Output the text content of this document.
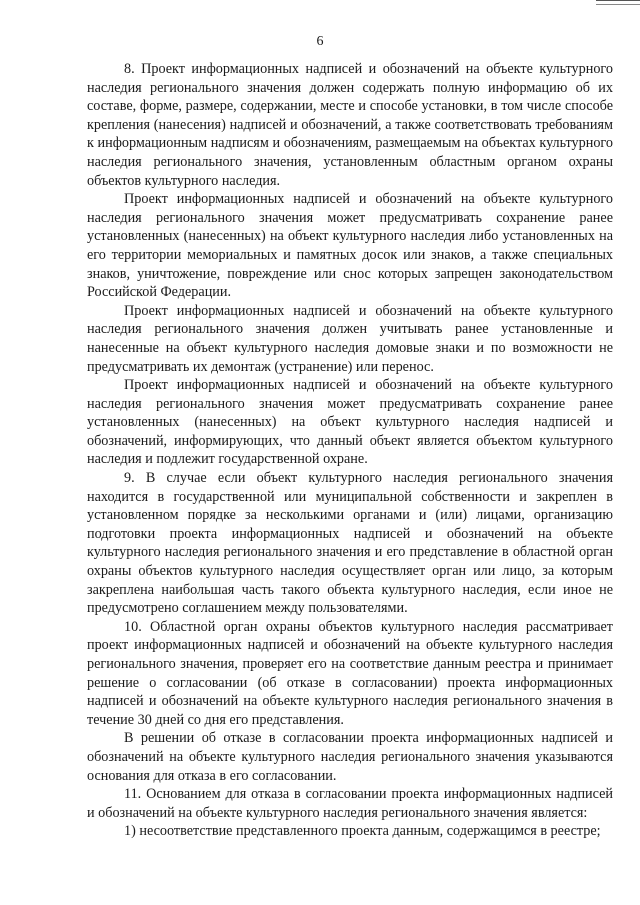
6

8. Проект информационных надписей и обозначений на объекте культурного наследия регионального значения должен содержать полную информацию об их составе, форме, размере, содержании, месте и способе установки, в том числе способе крепления (нанесения) надписей и обозначений, а также соответствовать требованиям к информационным надписям и обозначениям, размещаемым на объектах культурного наследия регионального значения, установленным областным органом охраны объектов культурного наследия.

Проект информационных надписей и обозначений на объекте культурного наследия регионального значения может предусматривать сохранение ранее установленных (нанесенных) на объект культурного наследия либо установленных на его территории мемориальных и памятных досок или знаков, а также специальных знаков, уничтожение, повреждение или снос которых запрещен законодательством Российской Федерации.

Проект информационных надписей и обозначений на объекте культурного наследия регионального значения должен учитывать ранее установленные и нанесенные на объект культурного наследия домовые знаки и по возможности не предусматривать их демонтаж (устранение) или перенос.

Проект информационных надписей и обозначений на объекте культурного наследия регионального значения может предусматривать сохранение ранее установленных (нанесенных) на объект культурного наследия надписей и обозначений, информирующих, что данный объект является объектом культурного наследия и подлежит государственной охране.

9. В случае если объект культурного наследия регионального значения находится в государственной или муниципальной собственности и закреплен в установленном порядке за несколькими органами и (или) лицами, организацию подготовки проекта информационных надписей и обозначений на объекте культурного наследия регионального значения и его представление в областной орган охраны объектов культурного наследия осуществляет орган или лицо, за которым закреплена наибольшая часть такого объекта культурного наследия, если иное не предусмотрено соглашением между пользователями.

10. Областной орган охраны объектов культурного наследия рассматривает проект информационных надписей и обозначений на объекте культурного наследия регионального значения, проверяет его на соответствие данным реестра и принимает решение о согласовании (об отказе в согласовании) проекта информационных надписей и обозначений на объекте культурного наследия регионального значения в течение 30 дней со дня его представления.

В решении об отказе в согласовании проекта информационных надписей и обозначений на объекте культурного наследия регионального значения указываются основания для отказа в его согласовании.

11. Основанием для отказа в согласовании проекта информационных надписей и обозначений на объекте культурного наследия регионального значения является:

1) несоответствие представленного проекта данным, содержащимся в реестре;
